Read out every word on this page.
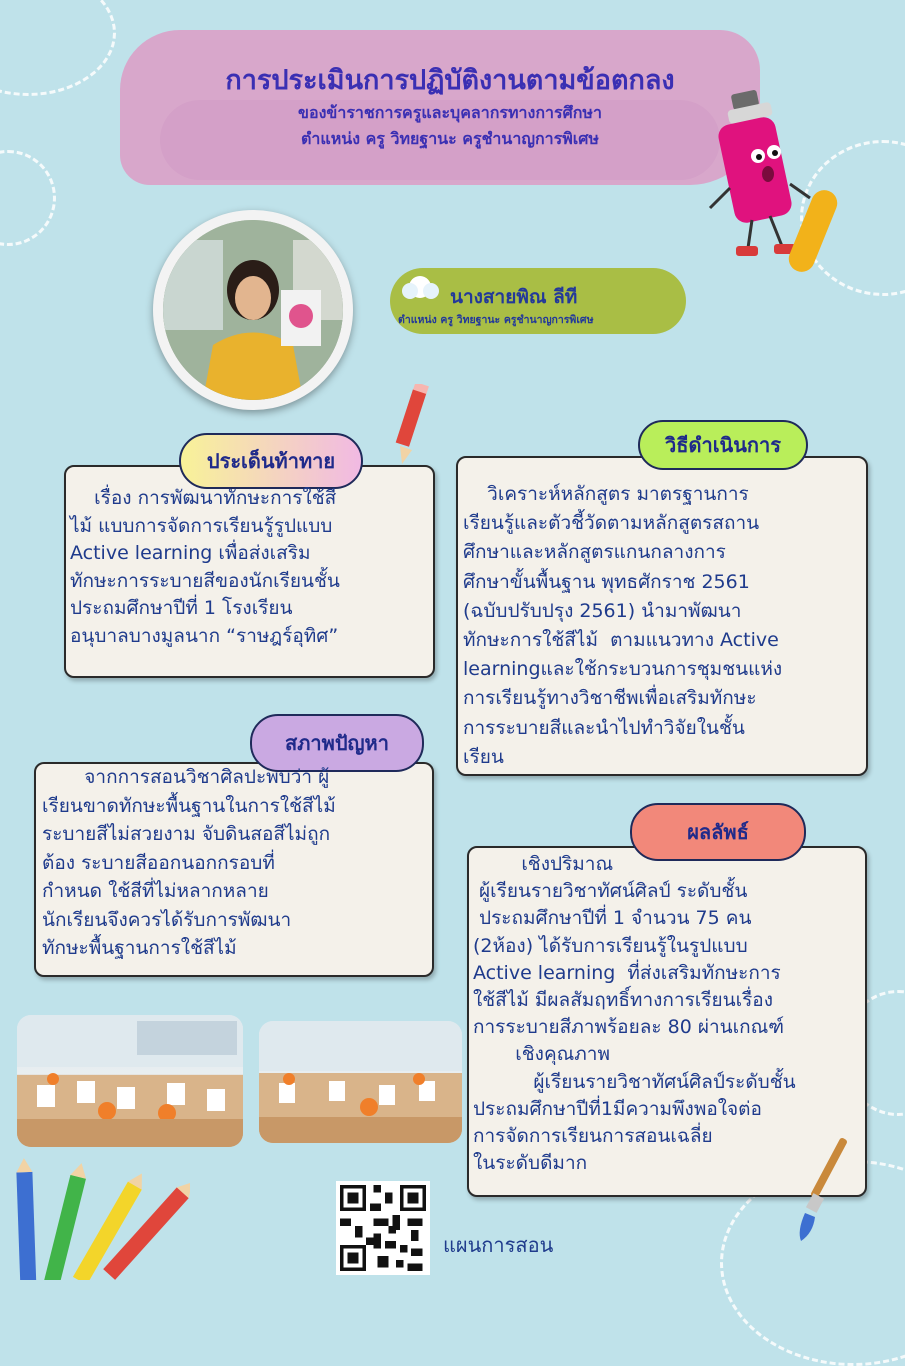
การประเมินการปฏิบัติงานตามข้อตกลง
ของข้าราชการครูและบุคลากรทางการศึกษา
ตำแหน่ง ครู วิทยฐานะ ครูชำนาญการพิเศษ
นางสายพิณ ลีที
ตำแหน่ง ครู วิทยฐานะ ครูชำนาญการพิเศษ
ประเด็นท้าทาย
เรื่อง การพัฒนาทักษะการใช้สี
ไม้ แบบการจัดการเรียนรู้รูปแบบ
Active learning เพื่อส่งเสริม
ทักษะการระบายสีของนักเรียนชั้น
ประถมศึกษาปีที่ 1 โรงเรียน
อนุบาลบางมูลนาก “ราษฎร์อุทิศ”
วิธีดำเนินการ
วิเคราะห์หลักสูตร มาตรฐานการ
เรียนรู้และตัวชี้วัดตามหลักสูตรสถาน
ศึกษาและหลักสูตรแกนกลางการ
ศึกษาขั้นพื้นฐาน พุทธศักราช 2561
(ฉบับปรับปรุง 2561) นำมาพัฒนา
ทักษะการใช้สีไม้  ตามแนวทาง Active
learningและใช้กระบวนการชุมชนแห่ง
การเรียนรู้ทางวิชาชีพเพื่อเสริมทักษะ
การระบายสีและนำไปทำวิจัยในชั้น
เรียน
สภาพปัญหา
จากการสอนวิชาศิลปะพบว่า ผู้
เรียนขาดทักษะพื้นฐานในการใช้สีไม้
ระบายสีไม่สวยงาม จับดินสอสีไม่ถูก
ต้อง ระบายสีออกนอกกรอบที่
กำหนด ใช้สีที่ไม่หลากหลาย
นักเรียนจึงควรได้รับการพัฒนา
ทักษะพื้นฐานการใช้สีไม้
ผลลัพธ์
เชิงปริมาณ
ผู้เรียนรายวิชาทัศน์ศิลป์ ระดับชั้น
ประถมศึกษาปีที่ 1 จำนวน 75 คน
(2ห้อง) ได้รับการเรียนรู้ในรูปแบบ
Active learning  ที่ส่งเสริมทักษะการ
ใช้สีไม้ มีผลสัมฤทธิ์ทางการเรียนเรื่อง
การระบายสีภาพร้อยละ 80 ผ่านเกณฑ์
เชิงคุณภาพ
ผู้เรียนรายวิชาทัศน์ศิลป์ระดับชั้น
ประถมศึกษาปีที่1มีความพึงพอใจต่อ
การจัดการเรียนการสอนเฉลี่ย
ในระดับดีมาก
แผนการสอน
